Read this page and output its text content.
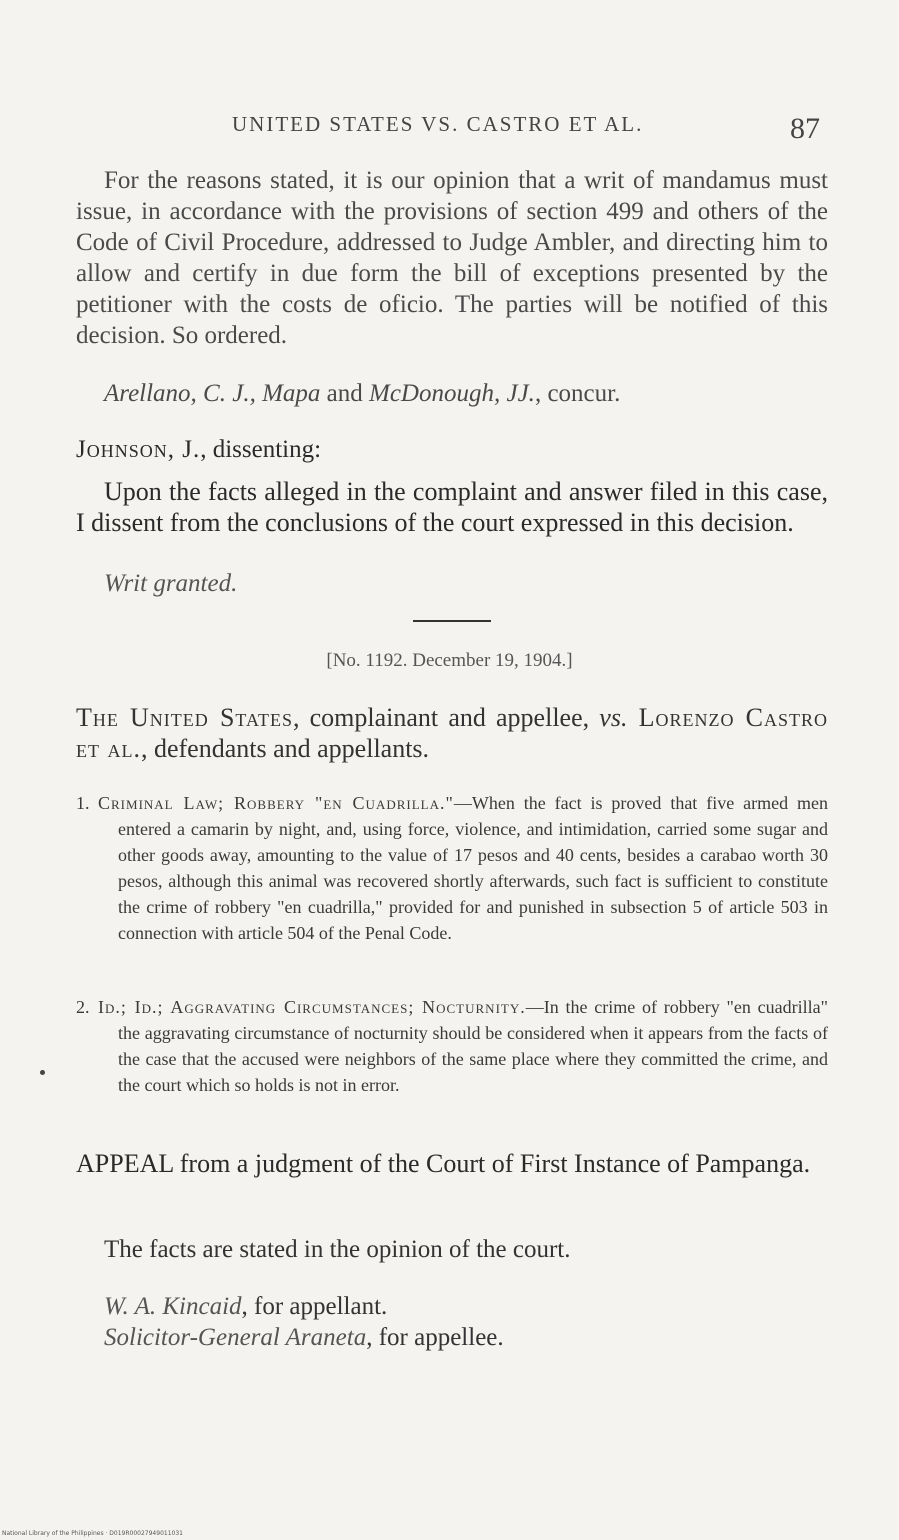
UNITED STATES VS. CASTRO ET AL.	87
For the reasons stated, it is our opinion that a writ of mandamus must issue, in accordance with the provisions of section 499 and others of the Code of Civil Procedure, addressed to Judge Ambler, and directing him to allow and certify in due form the bill of exceptions presented by the petitioner with the costs de oficio. The parties will be notified of this decision. So ordered.
Arellano, C. J., Mapa and McDonough, JJ., concur.
Johnson, J., dissenting:
Upon the facts alleged in the complaint and answer filed in this case, I dissent from the conclusions of the court expressed in this decision.
Writ granted.
[No. 1192. December 19, 1904.]
The United States, complainant and appellee, vs. Lorenzo Castro et al., defendants and appellants.
1. Criminal Law; Robbery "en Cuadrilla."—When the fact is proved that five armed men entered a camarin by night, and, using force, violence, and intimidation, carried some sugar and other goods away, amounting to the value of 17 pesos and 40 cents, besides a carabao worth 30 pesos, although this animal was recovered shortly afterwards, such fact is sufficient to constitute the crime of robbery "en cuadrilla," provided for and punished in subsection 5 of article 503 in connection with article 504 of the Penal Code.
2. Id.; Id.; Aggravating Circumstances; Nocturnity.—In the crime of robbery "en cuadrilla" the aggravating circumstance of nocturnity should be considered when it appears from the facts of the case that the accused were neighbors of the same place where they committed the crime, and the court which so holds is not in error.
APPEAL from a judgment of the Court of First Instance of Pampanga.
The facts are stated in the opinion of the court.
W. A. Kincaid, for appellant.
Solicitor-General Araneta, for appellee.
National Library of the Philippines · D019R00027949011031
